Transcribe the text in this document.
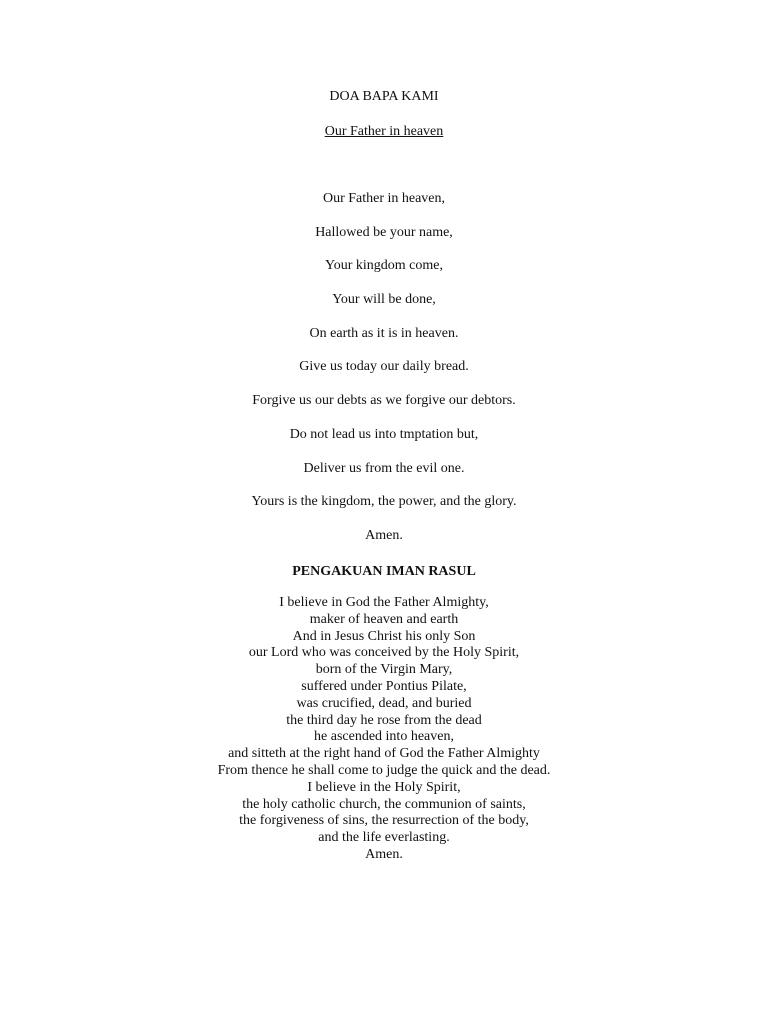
DOA BAPA KAMI
Our Father in heaven
Our Father in heaven,
Hallowed be your name,
Your kingdom come,
Your will be done,
On earth as it is in heaven.
Give us today our daily bread.
Forgive us our debts as we forgive our debtors.
Do not lead us into tmptation but,
Deliver us from the evil one.
Yours is the kingdom, the power, and the glory.
Amen.
PENGAKUAN IMAN RASUL
I believe in God the Father Almighty,
maker of heaven and earth
And in Jesus Christ his only Son
our Lord who was conceived by the Holy Spirit,
born of the Virgin Mary,
suffered under Pontius Pilate,
was crucified, dead, and buried
the third day he rose from the dead
he ascended into heaven,
and sitteth at the right hand of God the Father Almighty
From thence he shall come to judge the quick and the dead.
I believe in the Holy Spirit,
the holy catholic church, the communion of saints,
the forgiveness of sins, the resurrection of the body,
and the life everlasting.
Amen.
